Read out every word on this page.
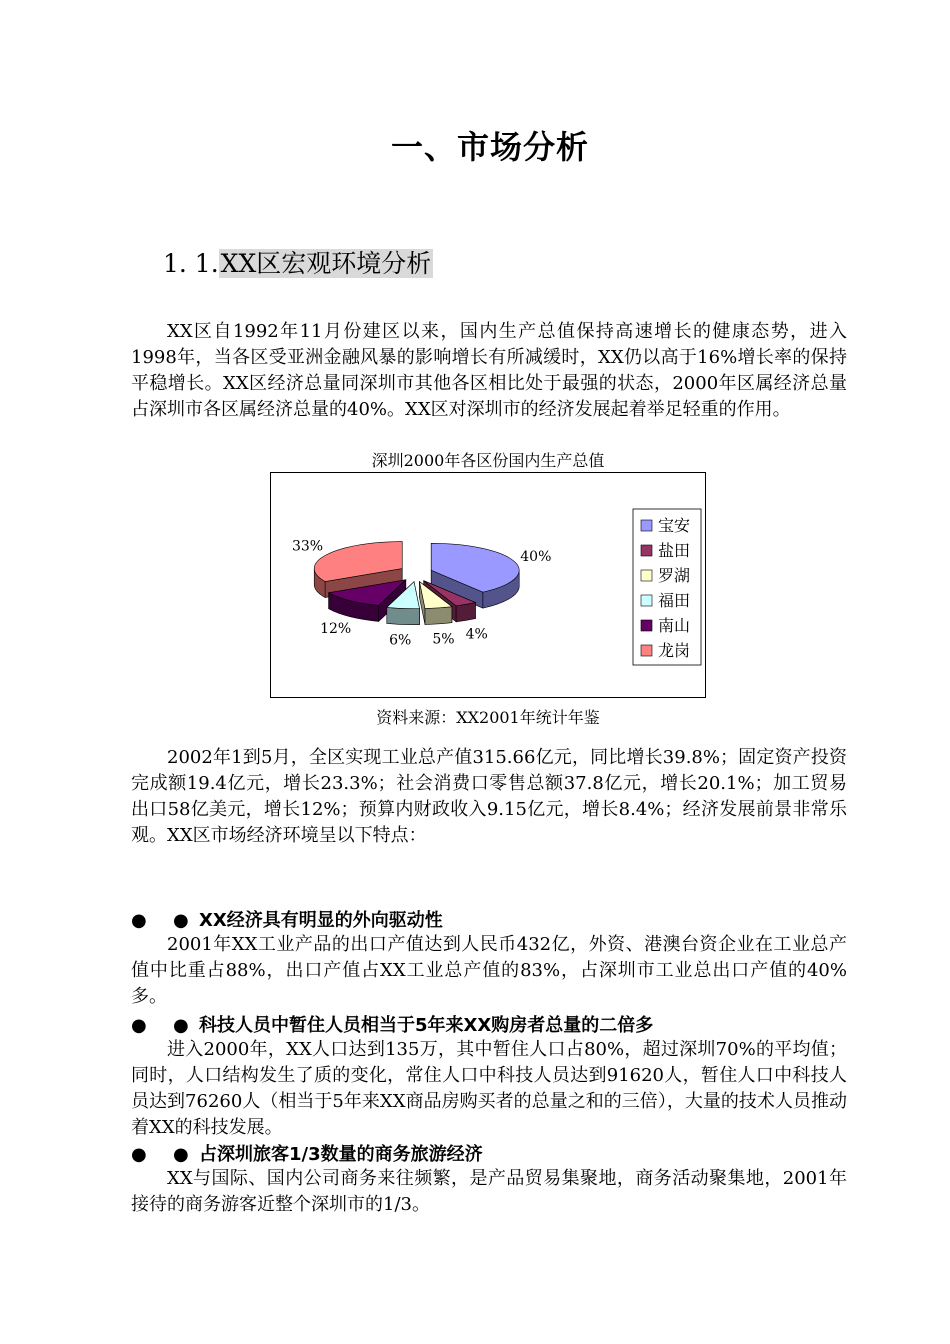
一、市场分析
1. 1.XX区宏观环境分析

XX区自1992年11月份建区以来，国内生产总值保持高速增长的健康态势，进入1998年，当各区受亚洲金融风暴的影响增长有所减缓时，XX仍以高于16%增长率的保持平稳增长。XX区经济总量同深圳市其他各区相比处于最强的状态，2000年区属经济总量占深圳市各区属经济总量的40%。XX区对深圳市的经济发展起着举足轻重的作用。

深圳2000年各区份国内生产总值
40%
4%
5%
6%
12%
33%
宝安
盐田
罗湖
福田
南山
龙岗
资料来源：XX2001年统计年鉴

2002年1到5月，全区实现工业总产值315.66亿元，同比增长39.8%；固定资产投资完成额19.4亿元，增长23.3%；社会消费口零售总额37.8亿元，增长20.1%；加工贸易出口58亿美元，增长12%；预算内财政收入9.15亿元，增长8.4%；经济发展前景非常乐观。XX区市场经济环境呈以下特点：

● ●XX经济具有明显的外向驱动性

2001年XX工业产品的出口产值达到人民币432亿，外资、港澳台资企业在工业总产值中比重占88%，出口产值占XX工业总产值的83%，占深圳市工业总出口产值的40%多。

● ●科技人员中暂住人员相当于5年来XX购房者总量的二倍多

进入2000年，XX人口达到135万，其中暂住人口占80%，超过深圳70%的平均值；同时，人口结构发生了质的变化，常住人口中科技人员达到91620人，暂住人口中科技人员达到76260人（相当于5年来XX商品房购买者的总量之和的三倍），大量的技术人员推动着XX的科技发展。

● ●占深圳旅客1/3数量的商务旅游经济

XX与国际、国内公司商务来往频繁，是产品贸易集聚地，商务活动聚集地，2001年接待的商务游客近整个深圳市的1/3。
